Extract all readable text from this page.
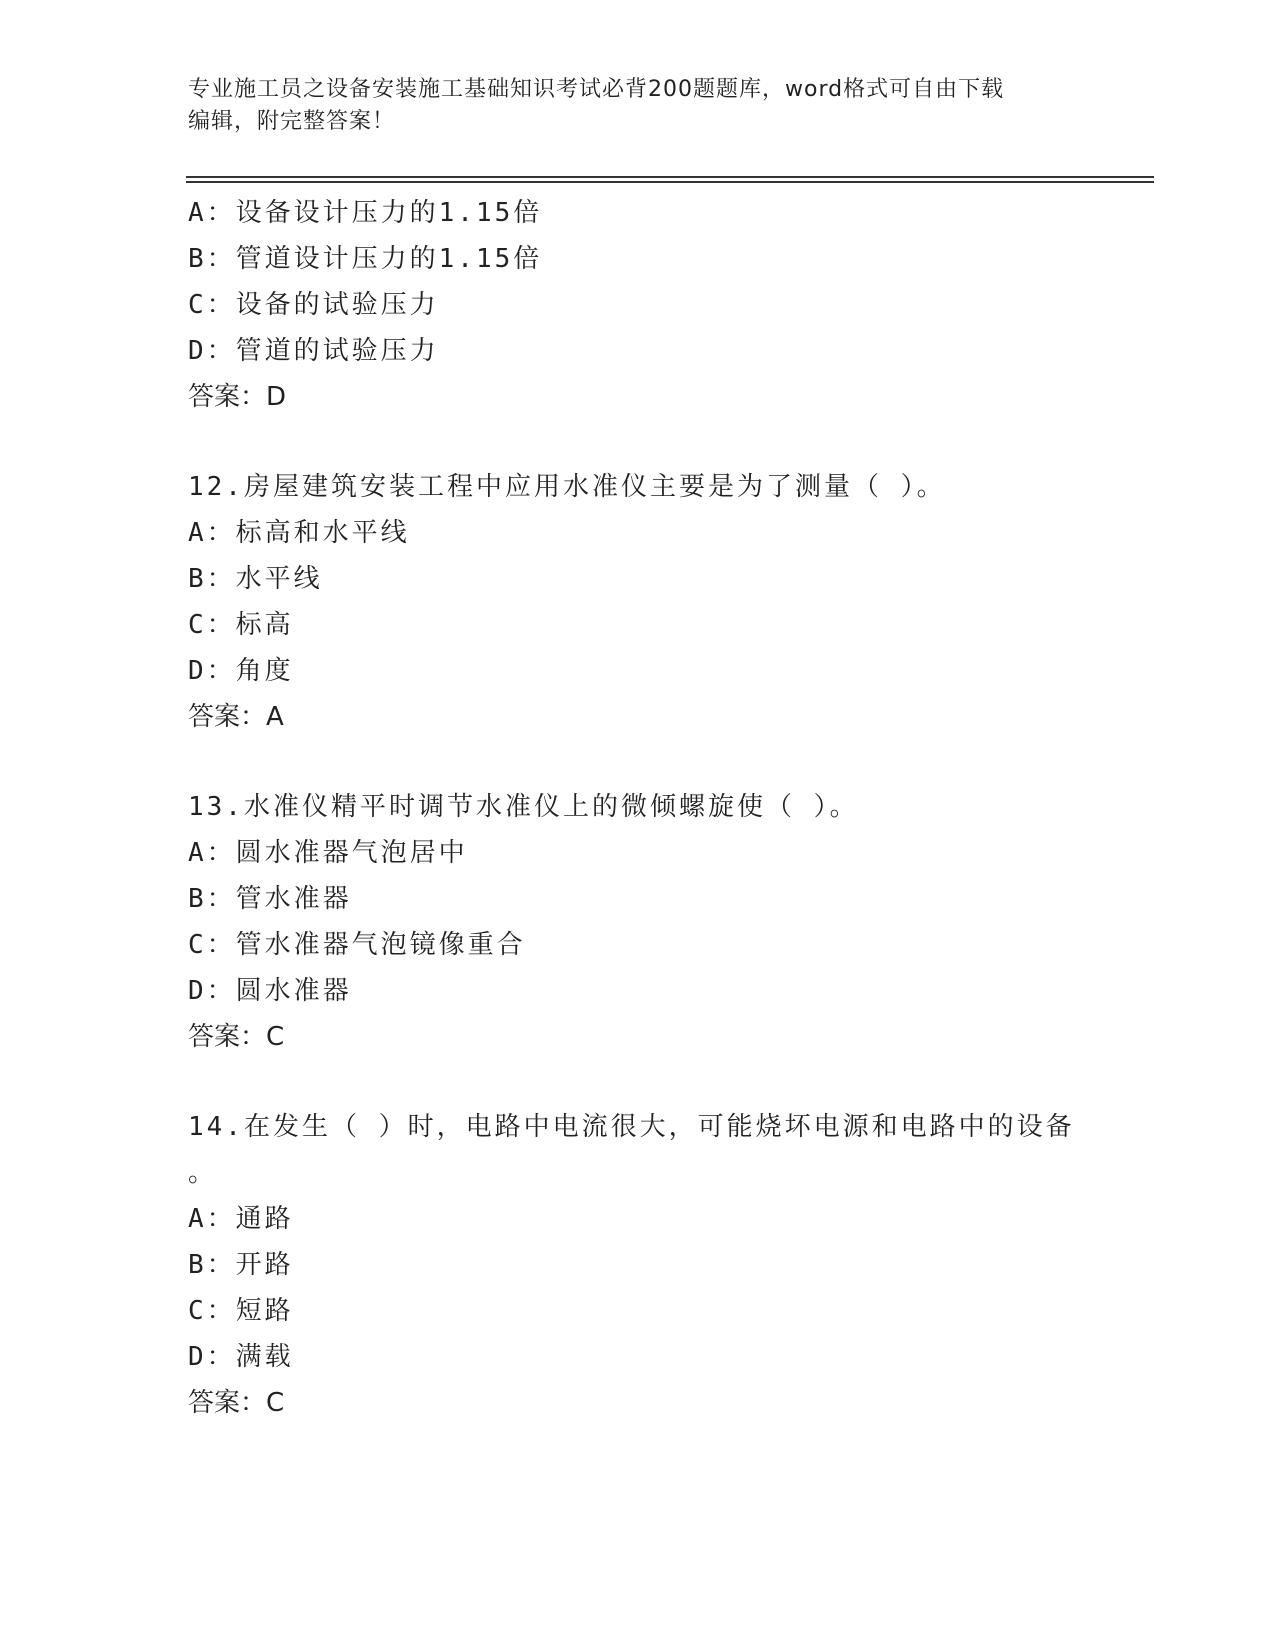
专业施工员之设备安装施工基础知识考试必背200题题库，word格式可自由下载
编辑，附完整答案！
A：设备设计压力的1.15倍
B：管道设计压力的1.15倍
C：设备的试验压力
D：管道的试验压力
答案：D
12.房屋建筑安装工程中应用水准仪主要是为了测量（ ）。
A：标高和水平线
B：水平线
C：标高
D：角度
答案：A
13.水准仪精平时调节水准仪上的微倾螺旋使（ ）。
A：圆水准器气泡居中
B：管水准器
C：管水准器气泡镜像重合
D：圆水准器
答案：C
14.在发生（ ）时，电路中电流很大，可能烧坏电源和电路中的设备
。
A：通路
B：开路
C：短路
D：满载
答案：C
